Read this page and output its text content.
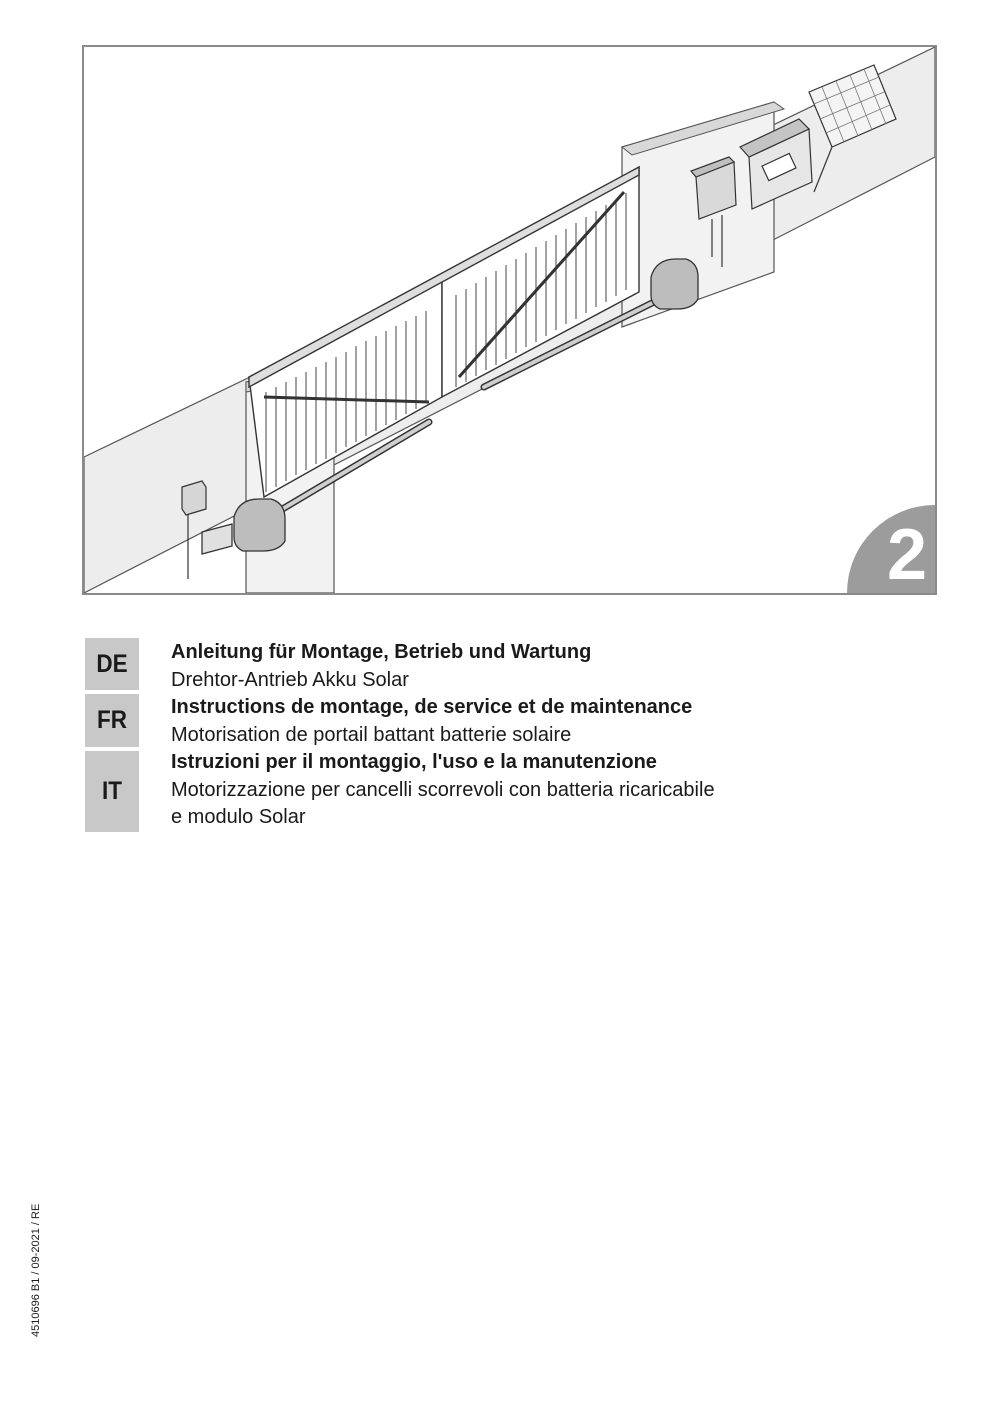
2
DE
FR
IT
Anleitung für Montage, Betrieb und Wartung
Drehtor-Antrieb Akku Solar
Instructions de montage, de service et de maintenance
Motorisation de portail battant batterie solaire
Istruzioni per il montaggio, l'uso e la manutenzione
Motorizzazione per cancelli scorrevoli con batteria ricaricabile
e modulo Solar
4510696 B1 / 09-2021 / RE
